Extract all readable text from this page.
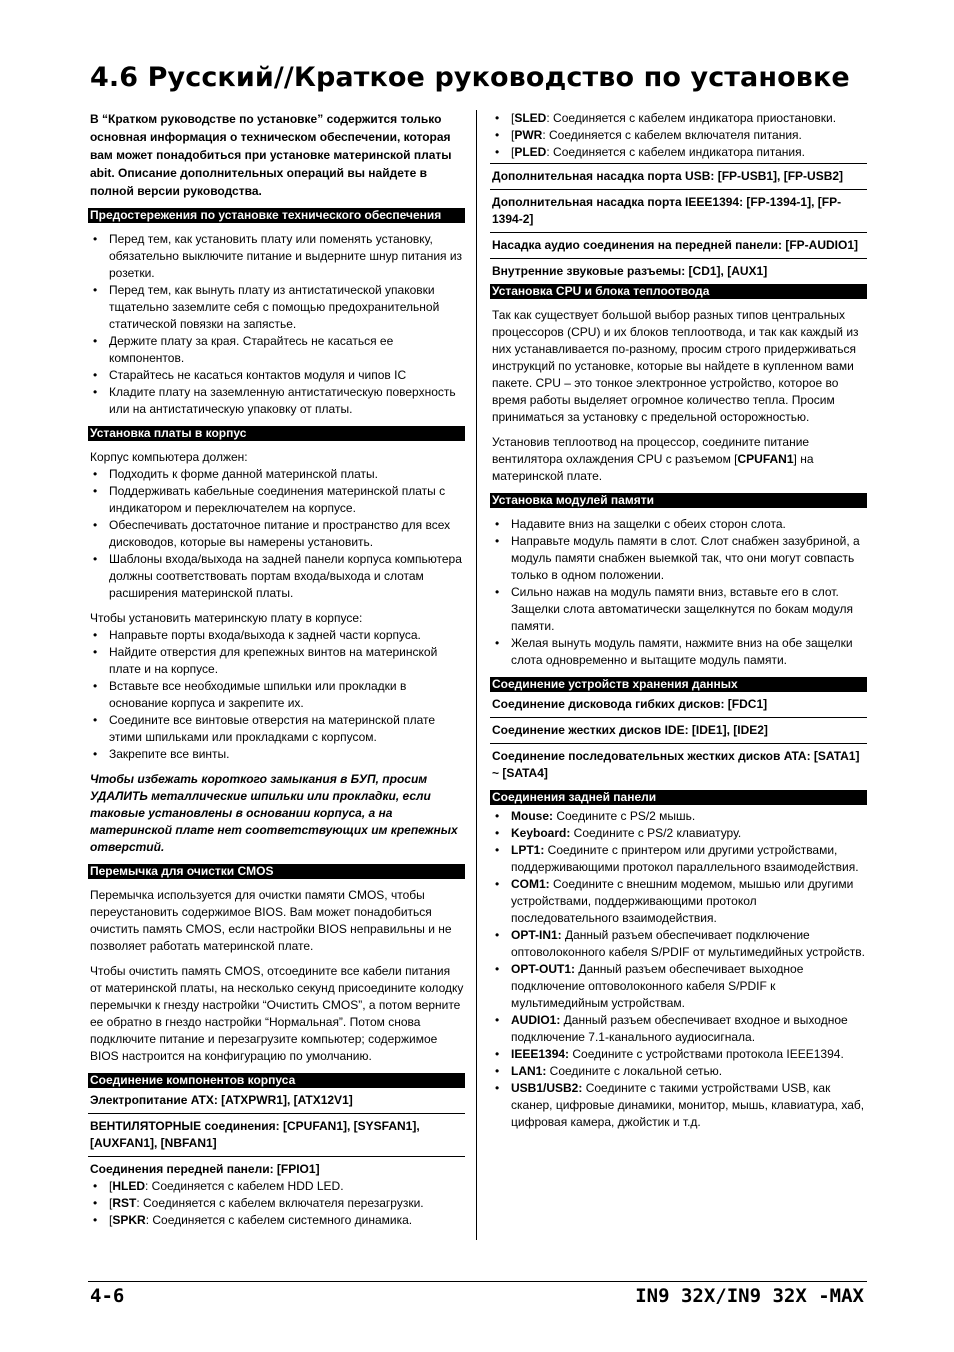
4.6 Русский//Краткое руководство по установке
В “Кратком руководстве по установке” содержится только основная информация о техническом обеспечении, которая вам может понадобиться при установке материнской платы abit. Описание дополнительных операций вы найдете в полной версии руководства.
Предостережения по установке технического обеспечения
• Перед тем, как установить плату или поменять установку, обязательно выключите питание и выдерните шнур питания из розетки.
• Перед тем, как вынуть плату из антистатической упаковки тщательно заземлите себя с помощью предохранительной статической повязки на запястье.
• Держите плату за края. Старайтесь не касаться ее компонентов.
• Старайтесь не касаться контактов модуля и чипов IC
• Кладите плату на заземленную антистатическую поверхность или на антистатическую упаковку от платы.
Установка платы в корпус

Корпус компьютера должен:

• Подходить к форме данной материнской платы.
• Поддерживать кабельные соединения материнской платы с индикатором и переключателем на корпусе.
• Обеспечивать достаточное питание и пространство для всех дисководов, которые вы намерены установить.
• Шаблоны входа/выхода на задней панели корпуса компьютера должны соответствовать портам входа/выхода и слотам расширения материнской платы.

Чтобы установить материнскую плату в корпусе:

• Направьте порты входа/выхода к задней части корпуса.
• Найдите отверстия для крепежных винтов на материнской плате и на корпусе.
• Вставьте все необходимые шпильки или прокладки в основание корпуса и закрепите их.
• Соедините все винтовые отверстия на материнской плате этими шпильками или прокладками с корпусом.
• Закрепите все винты.
Чтобы избежать короткого замыкания в БУП, просим УДАЛИТЬ металлические шпильки или прокладки, если таковые установлены в основании корпуса, а на материнской плате нет соответствующих им крепежных отверстий.
Перемычка для очистки CMOS

Перемычка используется для очистки памяти CMOS, чтобы переустановить содержимое BIOS. Вам может понадобиться очистить память CMOS, если настройки BIOS неправильны и не позволяет работать материнской плате.

Чтобы очистить память CMOS, отсоедините все кабели питания от материнской платы, на несколько секунд присоедините колодку перемычки к гнезду настройки “Очистить CMOS”, а потом верните ее обратно в гнездо настройки “Нормальная”. Потом снова подключите питание и перезагрузите компьютер; содержимое BIOS настроится на конфигурацию по умолчанию.

Соединение компонентов корпуса
Электропитание ATX: [ATXPWR1], [ATX12V1]
ВЕНТИЛЯТОРНЫЕ соединения: [CPUFAN1], [SYSFAN1], [AUXFAN1], [NBFAN1]
Соединения передней панели: [FPIO1]
• [HLED: Соединяется с кабелем HDD LED.
• [RST: Соединяется с кабелем включателя перезагрузки.
• [SPKR: Соединяется с кабелем системного динамика.
• [SLED: Соединяется с кабелем индикатора приостановки.
• [PWR: Соединяется с кабелем включателя питания.
• [PLED: Соединяется с кабелем индикатора питания.
Дополнительная насадка порта USB: [FP-USB1], [FP-USB2]
Дополнительная насадка порта IEEE1394: [FP-1394-1], [FP-1394-2]
Насадка аудио соединения на передней панели: [FP-AUDIO1]
Внутренние звуковые разъемы: [CD1], [AUX1]
Установка CPU и блока теплоотвода

Так как существует большой выбор разных типов центральных процессоров (CPU) и их блоков теплоотвода, и так как каждый из них устанавливается по-разному, просим строго придерживаться инструкций по установке, которые вы найдете в купленном вами пакете. CPU – это тонкое электронное устройство, которое во время работы выделяет огромное количество тепла. Просим приниматься за установку с предельной осторожностью.

Установив теплоотвод на процессор, соедините питание вентилятора охлаждения CPU с разъемом [CPUFAN1] на материнской плате.

Установка модулей памяти
• Надавите вниз на защелки с обеих сторон слота.
• Направьте модуль памяти в слот. Слот снабжен зазубриной, а модуль памяти снабжен выемкой так, что они могут совпасть только в одном положении.
• Сильно нажав на модуль памяти вниз, вставьте его в слот. Защелки слота автоматически защелкнутся по бокам модуля памяти.
• Желая вынуть модуль памяти, нажмите вниз на обе защелки слота одновременно и вытащите модуль памяти.
Соединение устройств хранения данных
Соединение дисковода гибких дисков: [FDC1]
Соединение жестких дисков IDE: [IDE1], [IDE2]
Соединение последовательных жестких дисков ATA: [SATA1] ~ [SATA4]
Соединения задней панели
• Mouse: Соедините с PS/2 мышь.
• Keyboard: Соедините с PS/2 клавиатуру.
• LPT1: Соедините с принтером или другими устройствами, поддерживающими протокол параллельного взаимодействия.
• COM1: Соедините с внешним модемом, мышью или другими устройствами, поддерживающими протокол последовательного взаимодействия.
• OPT-IN1: Данный разъем обеспечивает подключение оптоволоконного кабеля S/PDIF от мультимедийных устройств.
• OPT-OUT1: Данный разъем обеспечивает выходное подключение оптоволоконного кабеля S/PDIF к мультимедийным устройствам.
• AUDIO1: Данный разъем обеспечивает входное и выходное подключение 7.1-канального аудиосигнала.
• IEEE1394: Соедините с устройствами протокола IEEE1394.
• LAN1: Соедините с локальной сетью.
• USB1/USB2: Соедините с такими устройствами USB, как сканер, цифровые динамики, монитор, мышь, клавиатура, хаб, цифровая камера, джойстик и т.д.
4-6	IN9 32X/IN9 32X -MAX
